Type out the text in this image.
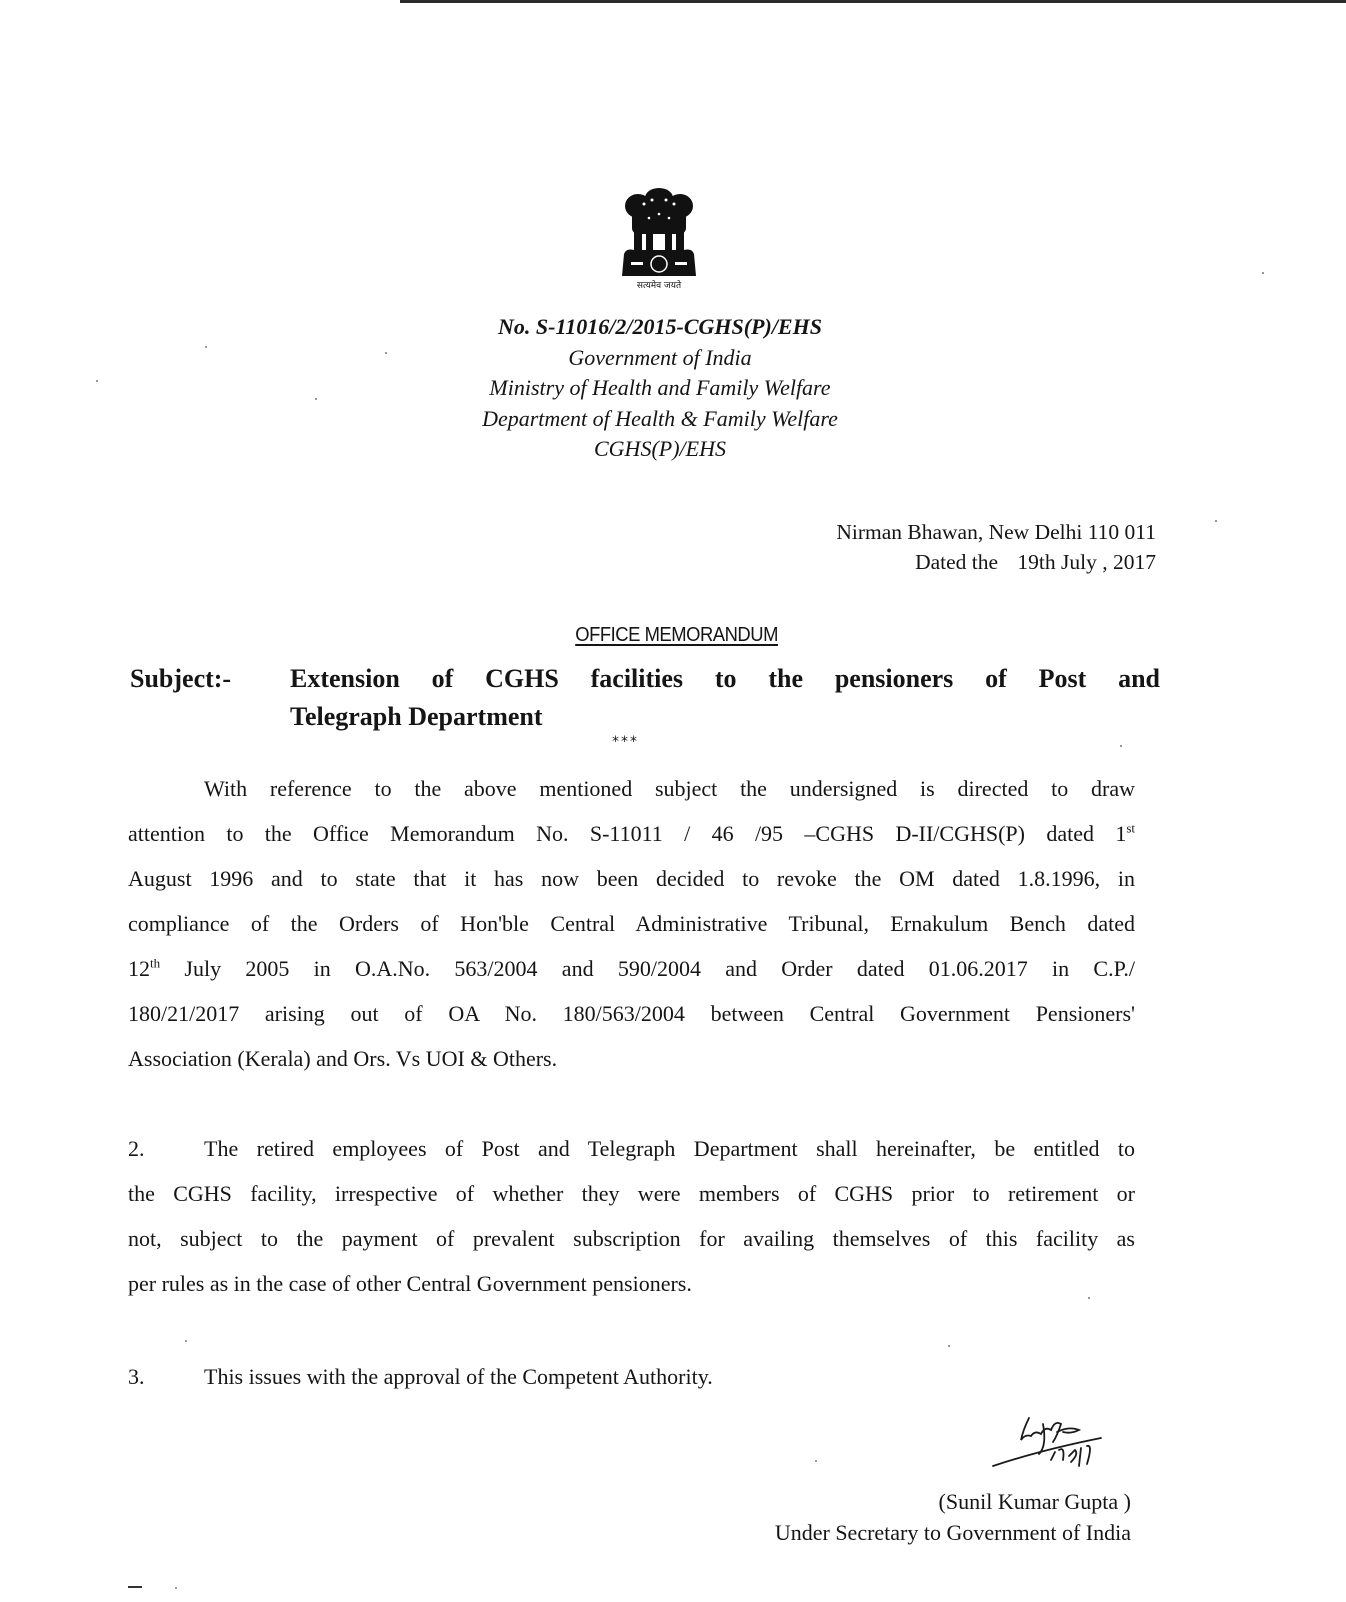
सत्यमेव जयते
No. S-11016/2/2015-CGHS(P)/EHS
Government of India
Ministry of Health and Family Welfare
Department of Health & Family Welfare
CGHS(P)/EHS
Nirman Bhawan, New Delhi 110 011
Dated the 19th July , 2017
OFFICE MEMORANDUM
Subject:- Extension of CGHS facilities to the pensioners of Post and
Telegraph Department
***
With reference to the above mentioned subject the undersigned is directed to draw
attention to the Office Memorandum No. S-11011 / 46 /95 –CGHS D-II/CGHS(P) dated 1st
August 1996 and to state that it has now been decided to revoke the OM dated 1.8.1996, in
compliance of the Orders of Hon'ble Central Administrative Tribunal, Ernakulum Bench dated
12th July 2005 in O.A.No. 563/2004 and 590/2004 and Order dated 01.06.2017 in C.P./
180/21/2017 arising out of OA No. 180/563/2004 between Central Government Pensioners'
Association (Kerala) and Ors. Vs UOI & Others.
2.	The retired employees of Post and Telegraph Department shall hereinafter, be entitled to
the CGHS facility, irrespective of whether they were members of CGHS prior to retirement or
not, subject to the payment of prevalent subscription for availing themselves of this facility as
per rules as in the case of other Central Government pensioners.
3.	This issues with the approval of the Competent Authority.
(Sunil Kumar Gupta )
Under Secretary to Government of India
